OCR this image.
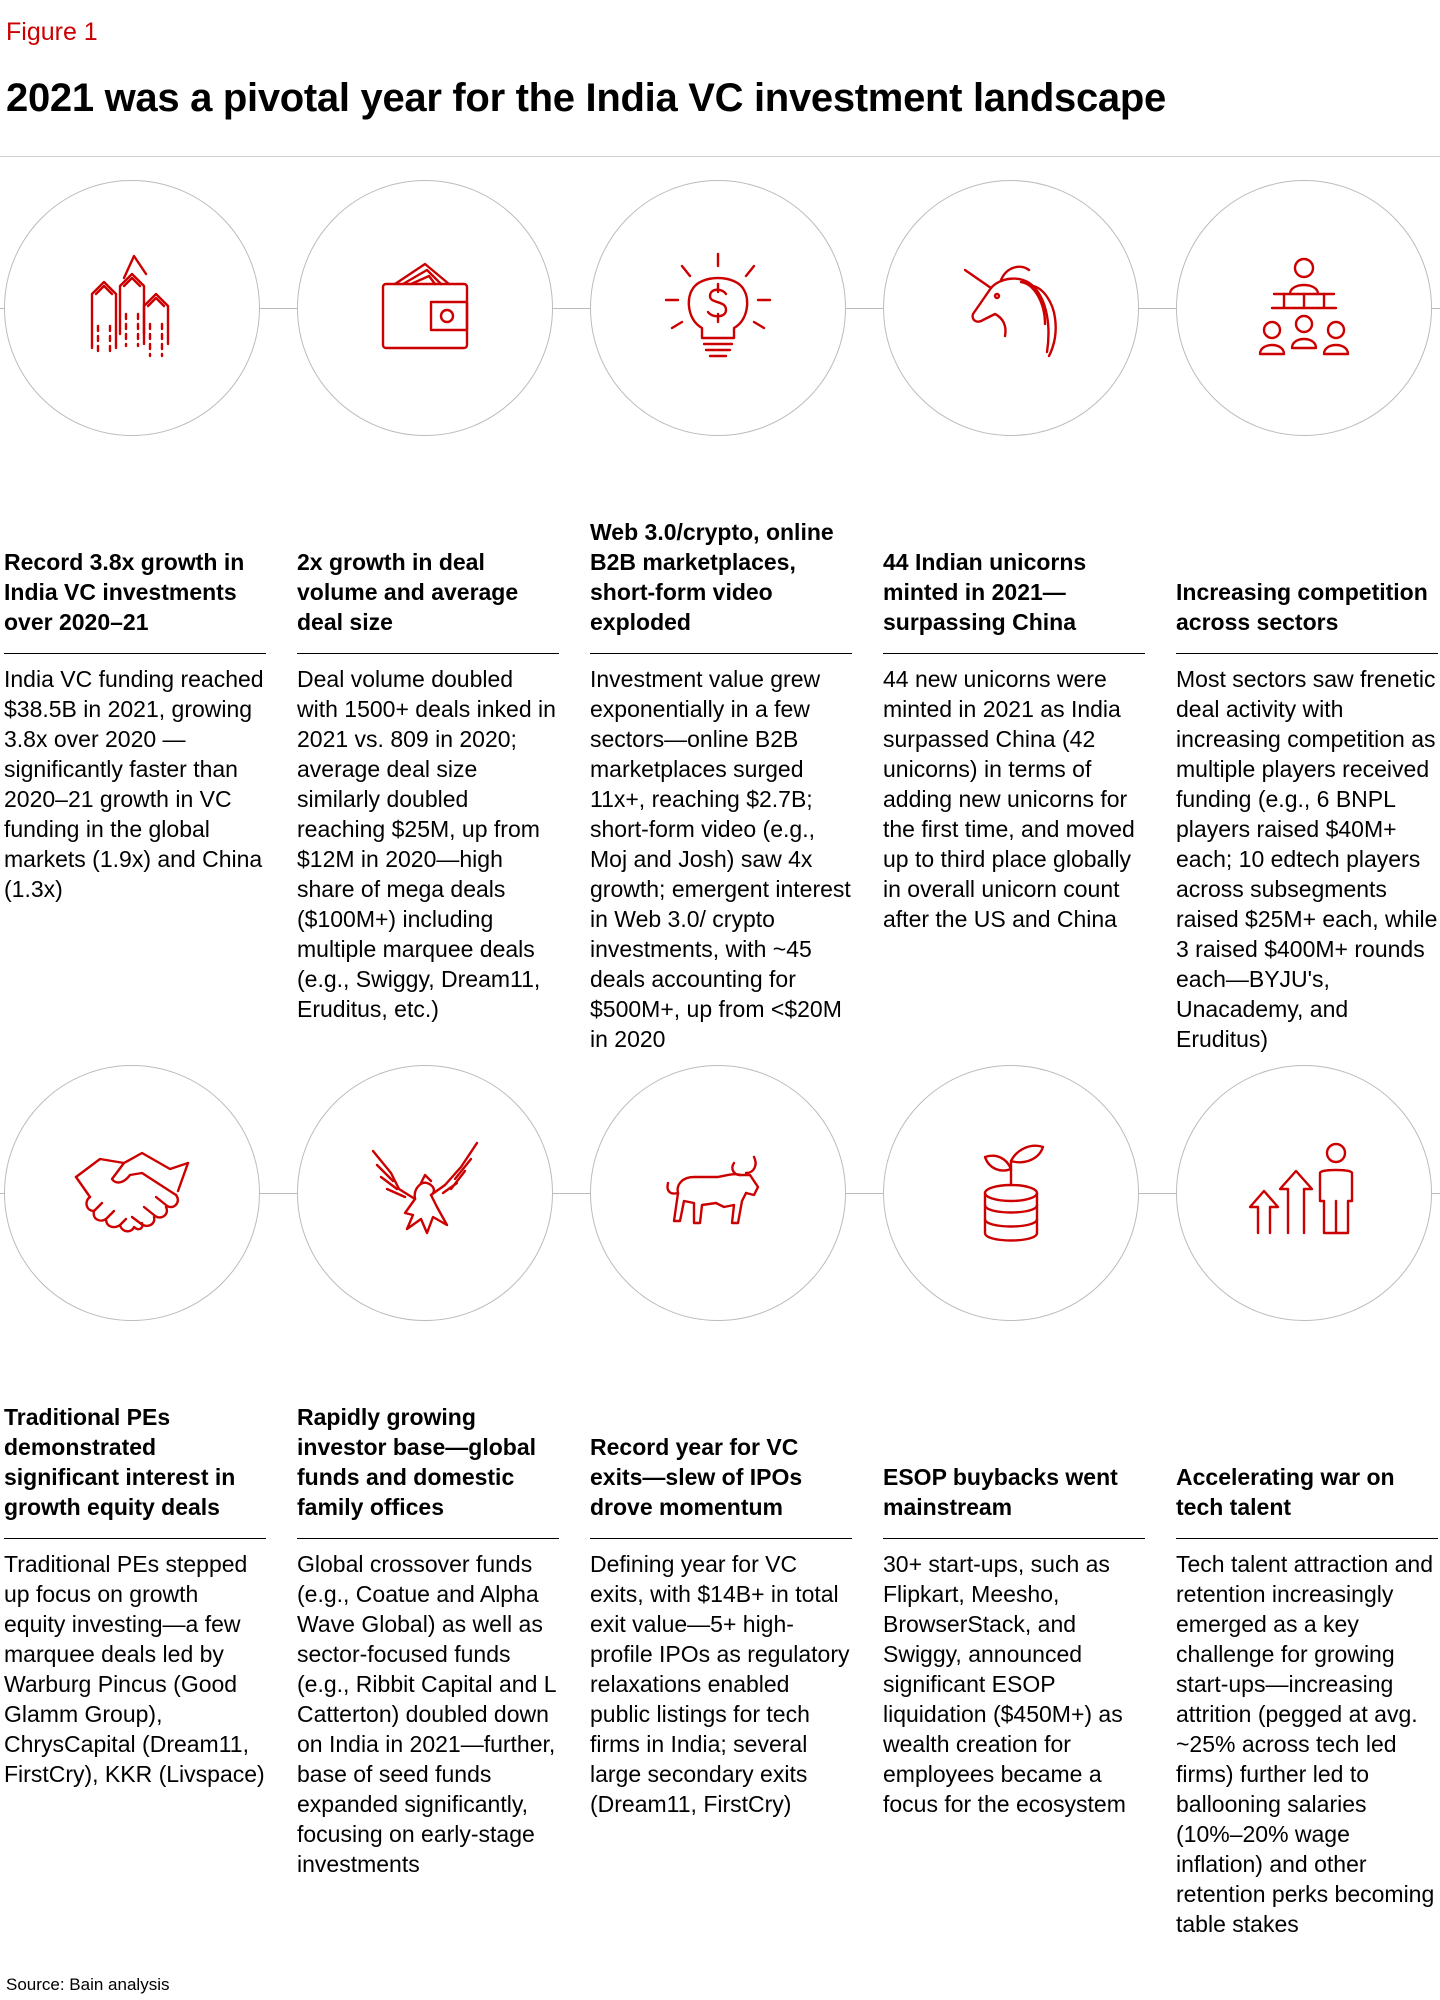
Figure 1
2021 was a pivotal year for the India VC investment landscape
Record 3.8x growth in India VC investments over 2020–21
India VC funding reached $38.5B in 2021, growing 3.8x over 2020 —significantly faster than 2020–21 growth in VC funding in the global markets (1.9x) and China (1.3x)
2x growth in deal volume and average deal size
Deal volume doubled with 1500+ deals inked in 2021 vs. 809 in 2020; average deal size similarly doubled reaching $25M, up from $12M in 2020—high share of mega deals ($100M+) including multiple marquee deals (e.g., Swiggy, Dream11, Eruditus, etc.)
Web 3.0/crypto, online B2B marketplaces, short-form video exploded
Investment value grew exponentially in a few sectors—online B2B marketplaces surged 11x+, reaching $2.7B; short-form video (e.g., Moj and Josh) saw 4x growth; emergent interest in Web 3.0/ crypto investments, with ~45 deals accounting for $500M+, up from <$20M in 2020
44 Indian unicorns minted in 2021— surpassing China
44 new unicorns were minted in 2021 as India surpassed China (42 unicorns) in terms of adding new unicorns for the first time, and moved up to third place globally in overall unicorn count after the US and China
Increasing competition across sectors
Most sectors saw frenetic deal activity with increasing competition as multiple players received funding (e.g., 6 BNPL players raised $40M+ each; 10 edtech players across subsegments raised $25M+ each, while 3 raised $400M+ rounds each—BYJU's, Unacademy, and Eruditus)
Traditional PEs demonstrated significant interest in growth equity deals
Traditional PEs stepped up focus on growth equity investing—a few marquee deals led by Warburg Pincus (Good Glamm Group), ChrysCapital (Dream11, FirstCry), KKR (Livspace)
Rapidly growing investor base—global funds and domestic family offices
Global crossover funds (e.g., Coatue and Alpha Wave Global) as well as sector-focused funds (e.g., Ribbit Capital and L Catterton) doubled down on India in 2021—further, base of seed funds expanded significantly, focusing on early-stage investments
Record year for VC exits—slew of IPOs drove momentum
Defining year for VC exits, with $14B+ in total exit value—5+ high-profile IPOs as regulatory relaxations enabled public listings for tech firms in India; several large secondary exits (Dream11, FirstCry)
ESOP buybacks went mainstream
30+ start-ups, such as Flipkart, Meesho, BrowserStack, and Swiggy, announced significant ESOP liquidation ($450M+) as wealth creation for employees became a focus for the ecosystem
Accelerating war on tech talent
Tech talent attraction and retention increasingly emerged as a key challenge for growing start-ups—increasing attrition (pegged at avg. ~25% across tech led firms) further led to ballooning salaries (10%–20% wage inflation) and other retention perks becoming table stakes
Source: Bain analysis
